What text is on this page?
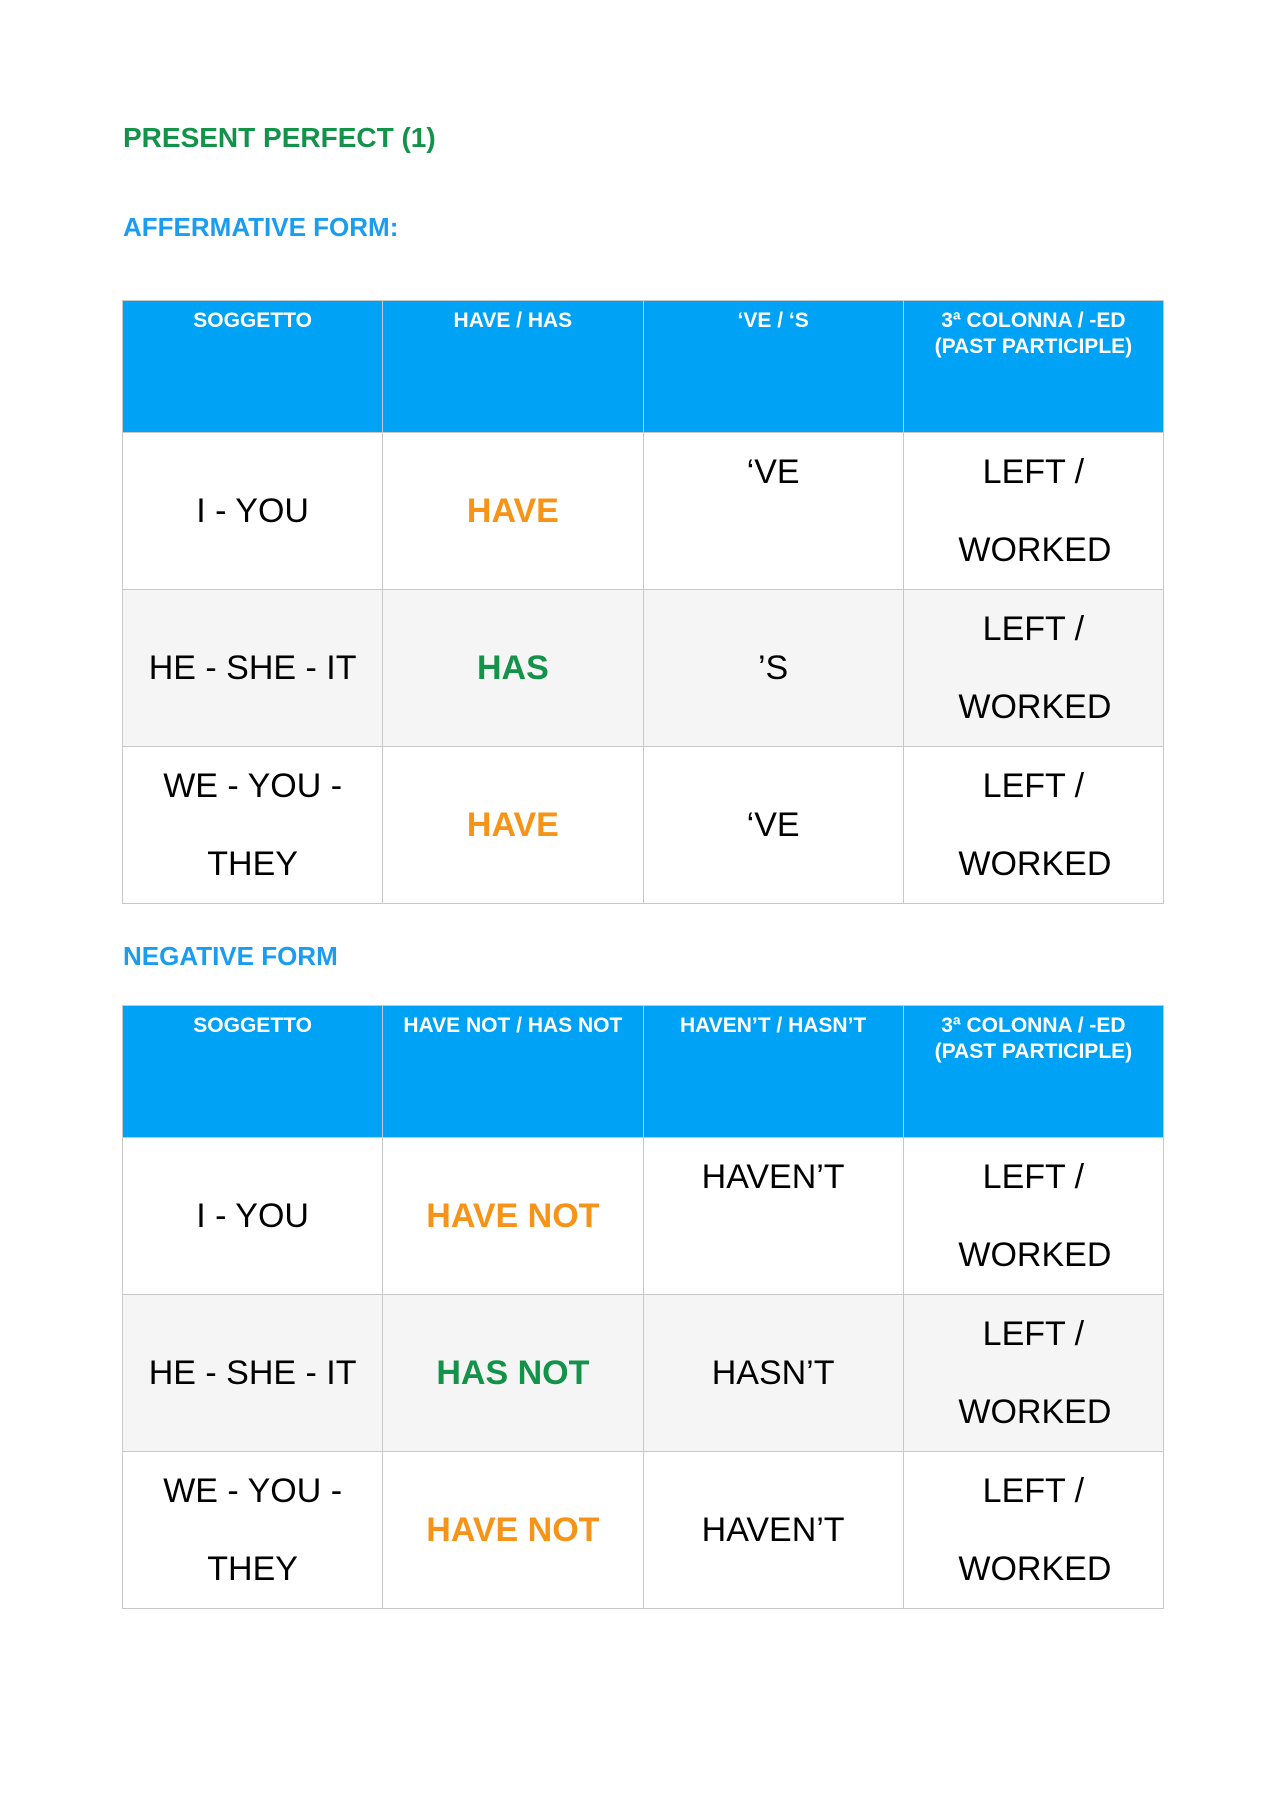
PRESENT PERFECT (1)
AFFERMATIVE FORM:
SOGGETTO	HAVE / HAS	‘VE / ‘S	3ª COLONNA / -ED
(PAST PARTICIPLE)
I - YOU	HAVE	‘VE	LEFT / WORKED

HE - SHE - IT	HAS	’S	LEFT / WORKED

WE - YOU - THEY	HAVE	‘VE	LEFT / WORKED
NEGATIVE FORM
SOGGETTO	HAVE NOT / HAS NOT	HAVEN’T / HASN’T	3ª COLONNA / -ED
(PAST PARTICIPLE)
I - YOU	HAVE NOT	HAVEN’T	LEFT / WORKED

HE - SHE - IT	HAS NOT	HASN’T	LEFT / WORKED

WE - YOU - THEY	HAVE NOT	HAVEN’T	LEFT / WORKED
